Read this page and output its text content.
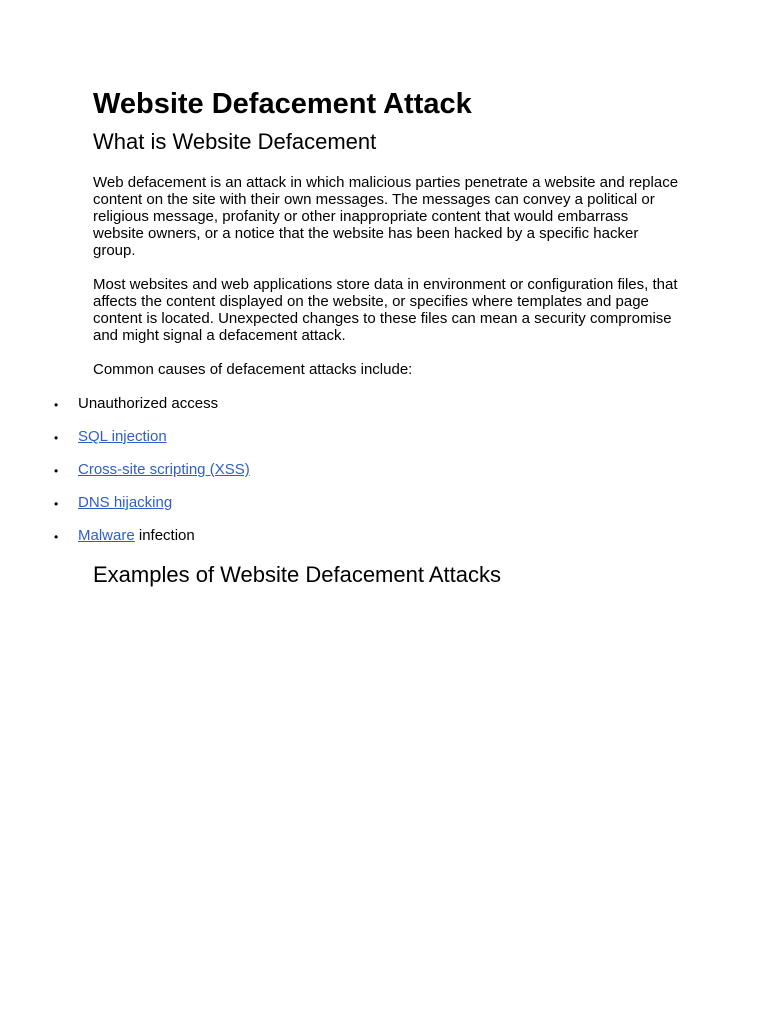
Website Defacement Attack
What is Website Defacement

Web defacement is an attack in which malicious parties penetrate a website and replace content on the site with their own messages. The messages can convey a political or religious message, profanity or other inappropriate content that would embarrass website owners, or a notice that the website has been hacked by a specific hacker group.

Most websites and web applications store data in environment or configuration files, that affects the content displayed on the website, or specifies where templates and page content is located. Unexpected changes to these files can mean a security compromise and might signal a defacement attack.

Common causes of defacement attacks include:

• Unauthorized access
• SQL injection
• Cross-site scripting (XSS)
• DNS hijacking
• Malware infection
Examples of Website Defacement Attacks
